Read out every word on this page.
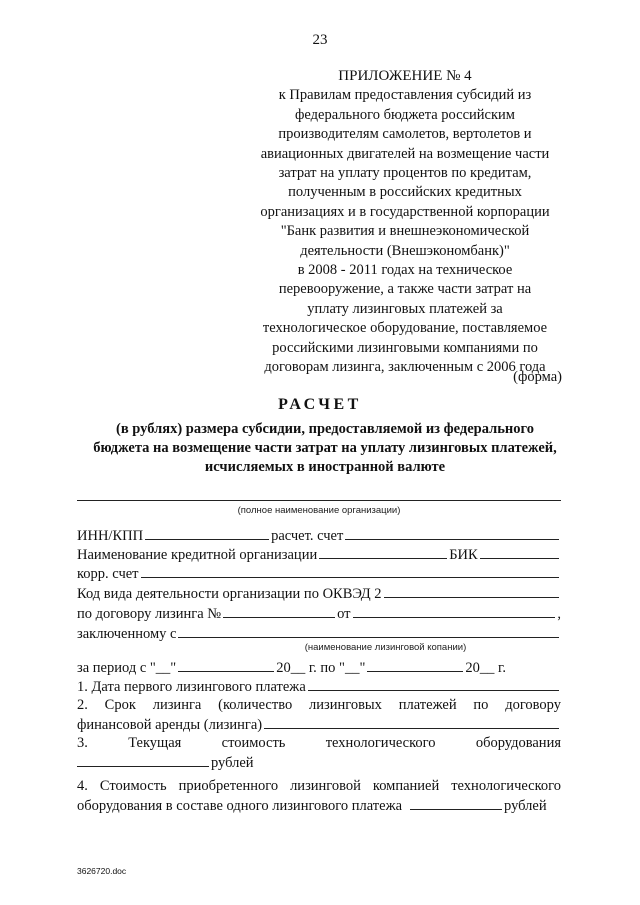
23
ПРИЛОЖЕНИЕ № 4
к Правилам предоставления субсидий из
федерального бюджета российским
производителям самолетов, вертолетов и
авиационных двигателей на возмещение части
затрат на уплату процентов по кредитам,
полученным в российских кредитных
организациях и в государственной корпорации
"Банк развития и внешнеэкономической
деятельности (Внешэкономбанк)"
в 2008 - 2011 годах на техническое
перевооружение, а также части затрат на
уплату лизинговых платежей за
технологическое оборудование, поставляемое
российскими лизинговыми компаниями по
договорам лизинга, заключенным с 2006 года
(форма)
РАСЧЕТ
(в рублях) размера субсидии, предоставляемой из федерального
бюджета на возмещение части затрат на уплату лизинговых платежей,
исчисляемых в иностранной валюте
(полное наименование организации)
ИНН/КПП	расчет. счет
Наименование кредитной организации	БИК
корр. счет
Код вида деятельности организации по ОКВЭД 2
по договору лизинга №	от	,
заключенному с
(наименование лизинговой копании)
за период с "__"	20__ г. по "__"	20__ г.
1. Дата первого лизингового платежа
2. Срок лизинга (количество лизинговых платежей по договору
финансовой аренды (лизинга)
3. Текущая стоимость технологического оборудования
рублей
4. Стоимость приобретенного лизинговой компанией технологического
оборудования в составе одного лизингового платежа	рублей
3626720.doc
